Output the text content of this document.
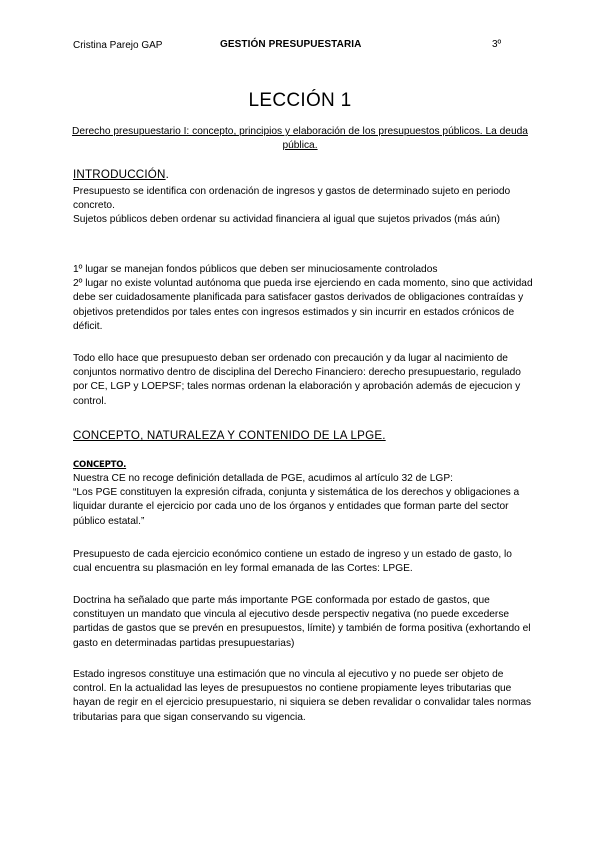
Cristina Parejo GAP	GESTIÓN PRESUPUESTARIA	3º
LECCIÓN 1
Derecho presupuestario I: concepto, principios y elaboración de los presupuestos públicos. La deuda pública.
INTRODUCCIÓN.

Presupuesto se identifica con ordenación de ingresos y gastos de determinado sujeto en periodo concreto.

Sujetos públicos deben ordenar su actividad financiera al igual que sujetos privados (más aún)

1º lugar se manejan fondos públicos que deben ser minuciosamente controlados

2º lugar no existe voluntad autónoma que pueda irse ejerciendo en cada momento, sino que actividad debe ser cuidadosamente planificada para satisfacer gastos derivados de obligaciones contraídas y objetivos pretendidos por tales entes con ingresos estimados y sin incurrir en estados crónicos de déficit.

Todo ello hace que presupuesto deban ser ordenado con precaución y da lugar al nacimiento de conjuntos normativo dentro de disciplina del Derecho Financiero: derecho presupuestario, regulado por CE, LGP y LOEPSF; tales normas ordenan la elaboración y aprobación además de ejecucion y control.
CONCEPTO, NATURALEZA Y CONTENIDO DE LA LPGE.
CONCEPTO.

Nuestra CE no recoge definición detallada de PGE, acudimos al artículo 32 de LGP:

“Los PGE constituyen la expresión cifrada, conjunta y sistemática de los derechos y obligaciones a liquidar durante el ejercicio por cada uno de los órganos y entidades que forman parte del sector público estatal.”

Presupuesto de cada ejercicio económico contiene un estado de ingreso y un estado de gasto, lo cual encuentra su plasmación en ley formal emanada de las Cortes: LPGE.
Doctrina ha señalado que parte más importante PGE conformada por estado de gastos, que constituyen un mandato que vincula al ejecutivo desde perspectiv negativa (no puede excederse partidas de gastos que se prevén en presupuestos, límite) y también de forma positiva (exhortando el gasto en determinadas partidas presupuestarias)
Estado ingresos constituye una estimación que no vincula al ejecutivo y no puede ser objeto de control. En la actualidad las leyes de presupuestos no contiene propiamente leyes tributarias que hayan de regir en el ejercicio presupuestario, ni siquiera se deben revalidar o convalidar tales normas tributarias para que sigan conservando su vigencia.
